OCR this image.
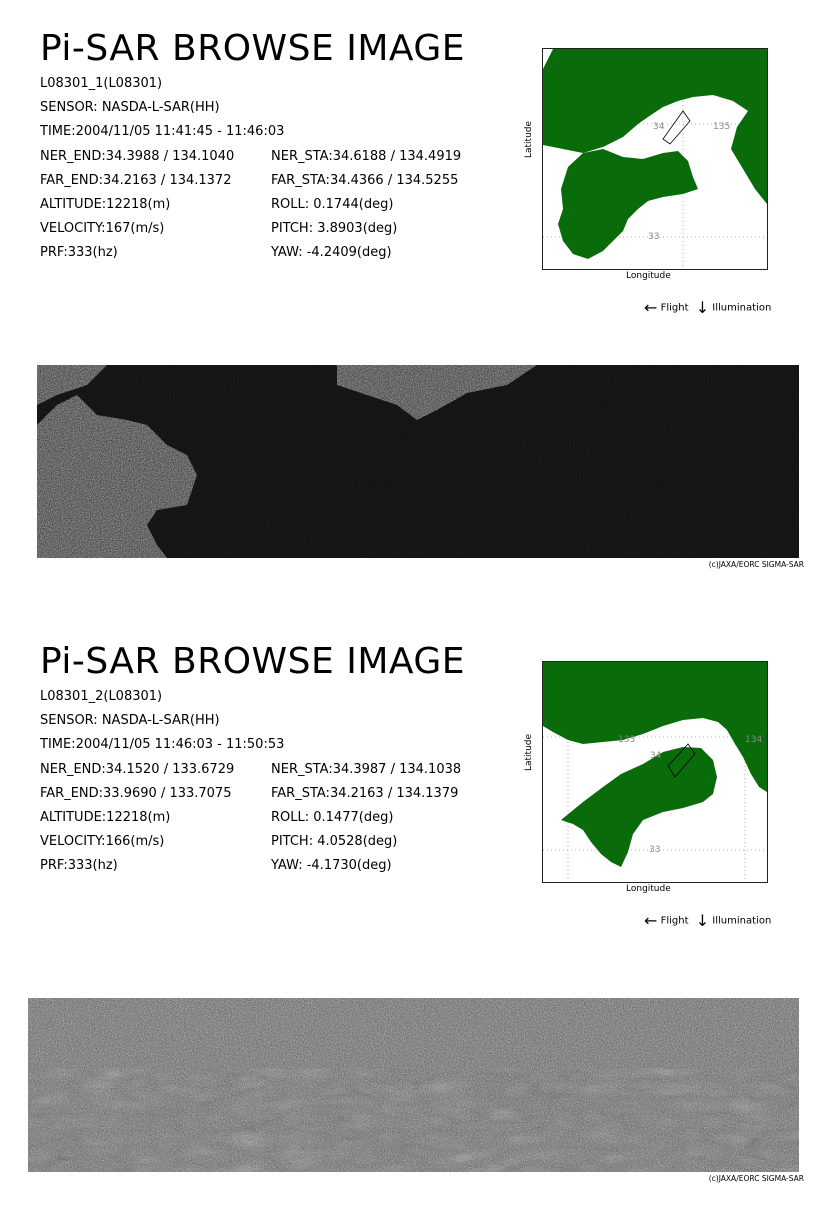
Pi-SAR BROWSE IMAGE
L08301_1(L08301)
SENSOR: NASDA-L-SAR(HH)
TIME:2004/11/05 11:41:45 - 11:46:03
NER_END:34.3988 / 134.1040	NER_STA:34.6188 / 134.4919
FAR_END:34.2163 / 134.1372	FAR_STA:34.4366 / 134.5255
ALTITUDE:12218(m)	ROLL: 0.1744(deg)
VELOCITY:167(m/s)	PITCH: 3.8903(deg)
PRF:333(hz)	YAW: -4.2409(deg)
34	135
33
Latitude
Longitude
← Flight ↓ Illumination
(c)JAXA/EORC SIGMA-SAR
Pi-SAR BROWSE IMAGE
L08301_2(L08301)
SENSOR: NASDA-L-SAR(HH)
TIME:2004/11/05 11:46:03 - 11:50:53
NER_END:34.1520 / 133.6729	NER_STA:34.3987 / 134.1038
FAR_END:33.9690 / 133.7075	FAR_STA:34.2163 / 134.1379
ALTITUDE:12218(m)	ROLL: 0.1477(deg)
VELOCITY:166(m/s)	PITCH: 4.0528(deg)
PRF:333(hz)	YAW: -4.1730(deg)
133
34
134
33
Latitude
Longitude
← Flight ↓ Illumination
(c)JAXA/EORC SIGMA-SAR
